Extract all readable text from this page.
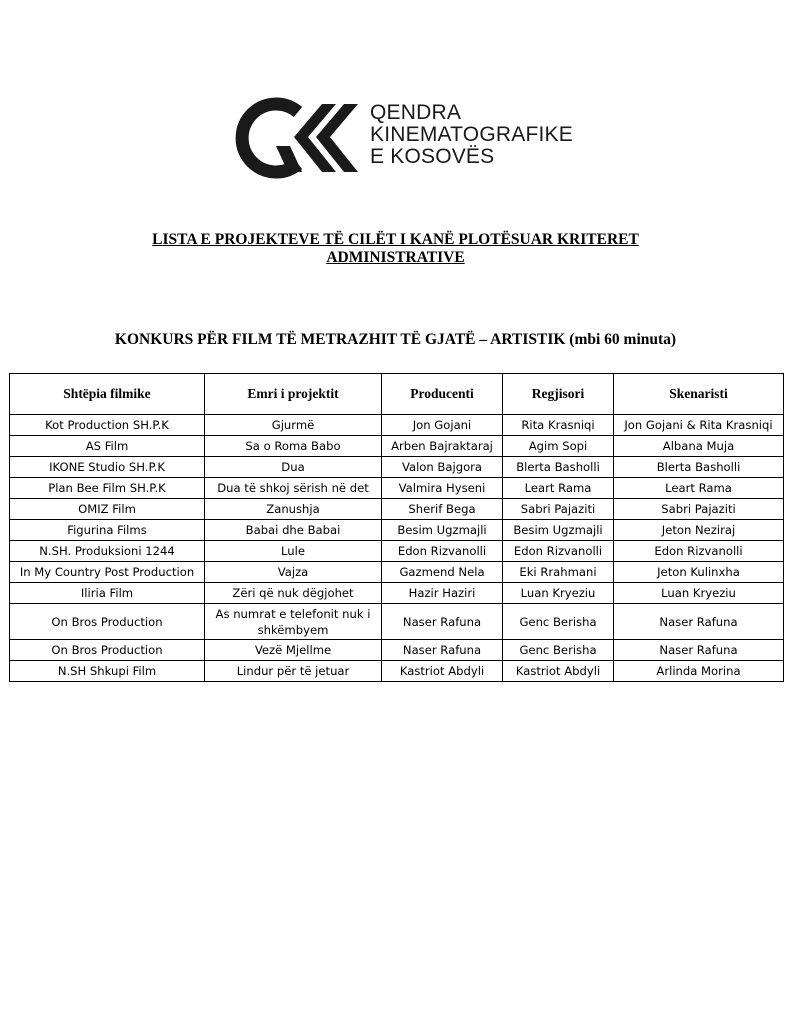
QENDRA
KINEMATOGRAFIKE
E KOSOVËS
LISTA E PROJEKTEVE TË CILËT I KANË PLOTËSUAR KRITERET
ADMINISTRATIVE
KONKURS PËR FILM TË METRAZHIT TË GJATË – ARTISTIK (mbi 60 minuta)
Shtëpia filmike	Emri i projektit	Producenti	Regjisori	Skenaristi
Kot Production SH.P.K	Gjurmë	Jon Gojani	Rita Krasniqi	Jon Gojani & Rita Krasniqi
AS Film	Sa o Roma Babo	Arben Bajraktaraj	Agim Sopi	Albana Muja
IKONE Studio SH.P.K	Dua	Valon Bajgora	Blerta Basholli	Blerta Basholli
Plan Bee Film SH.P.K	Dua të shkoj sërish në det	Valmira Hyseni	Leart Rama	Leart Rama
OMIZ Film	Zanushja	Sherif Bega	Sabri Pajaziti	Sabri Pajaziti
Figurina Films	Babai dhe Babai	Besim Ugzmajli	Besim Ugzmajli	Jeton Neziraj
N.SH. Produksioni 1244	Lule	Edon Rizvanolli	Edon Rizvanolli	Edon Rizvanolli
In My Country Post Production	Vajza	Gazmend Nela	Eki Rrahmani	Jeton Kulinxha
Iliria Film	Zëri që nuk dëgjohet	Hazir Haziri	Luan Kryeziu	Luan Kryeziu
On Bros Production	As numrat e telefonit nuk i shkëmbyem	Naser Rafuna	Genc Berisha	Naser Rafuna
On Bros Production	Vezë Mjellme	Naser Rafuna	Genc Berisha	Naser Rafuna
N.SH Shkupi Film	Lindur për të jetuar	Kastriot Abdyli	Kastriot Abdyli	Arlinda Morina
